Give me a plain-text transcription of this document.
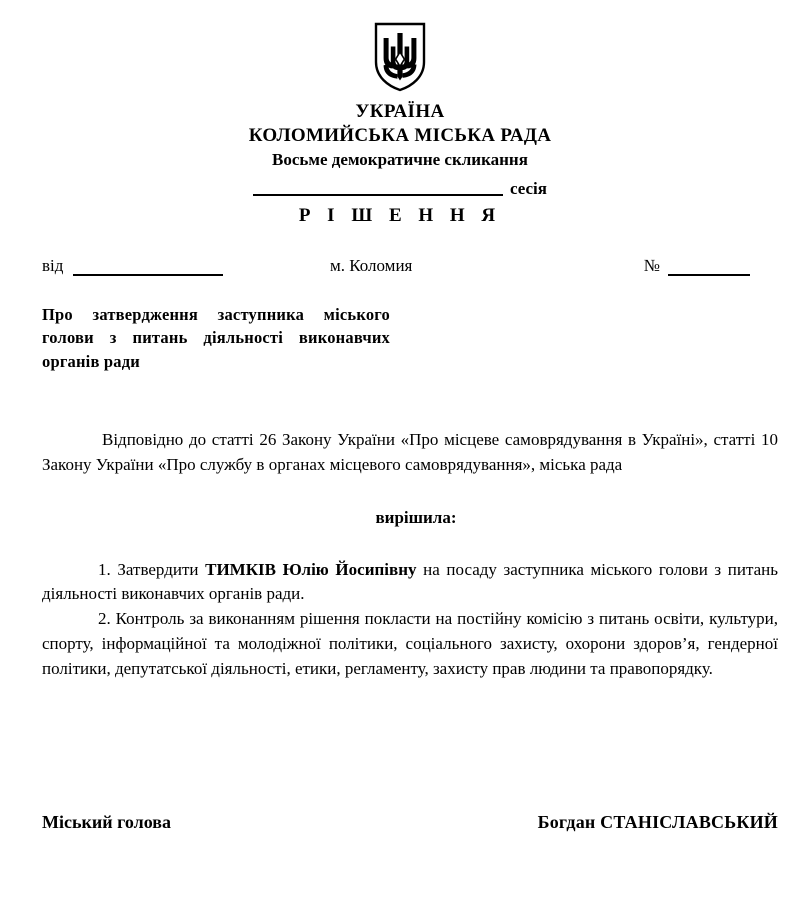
УКРАЇНА
КОЛОМИЙСЬКА МІСЬКА РАДА
Восьме демократичне скликання
сесія
Р І Ш Е Н Н Я
від	м. Коломия	№
Про затвердження заступника міського голови з питань діяльності виконавчих органів ради

Відповідно до статті 26 Закону України «Про місцеве самоврядування в Україні», статті 10 Закону України «Про службу в органах місцевого самоврядування», міська рада

вирішила:

1. Затвердити ТИМКІВ Юлію Йосипівну на посаду заступника міського голови з питань діяльності виконавчих органів ради.

2. Контроль за виконанням рішення покласти на постійну комісію з питань освіти, культури, спорту, інформаційної та молодіжної політики, соціального захисту, охорони здоров’я, гендерної політики, депутатської діяльності, етики, регламенту, захисту прав людини та правопорядку.

Міський голова	Богдан СТАНІСЛАВСЬКИЙ
